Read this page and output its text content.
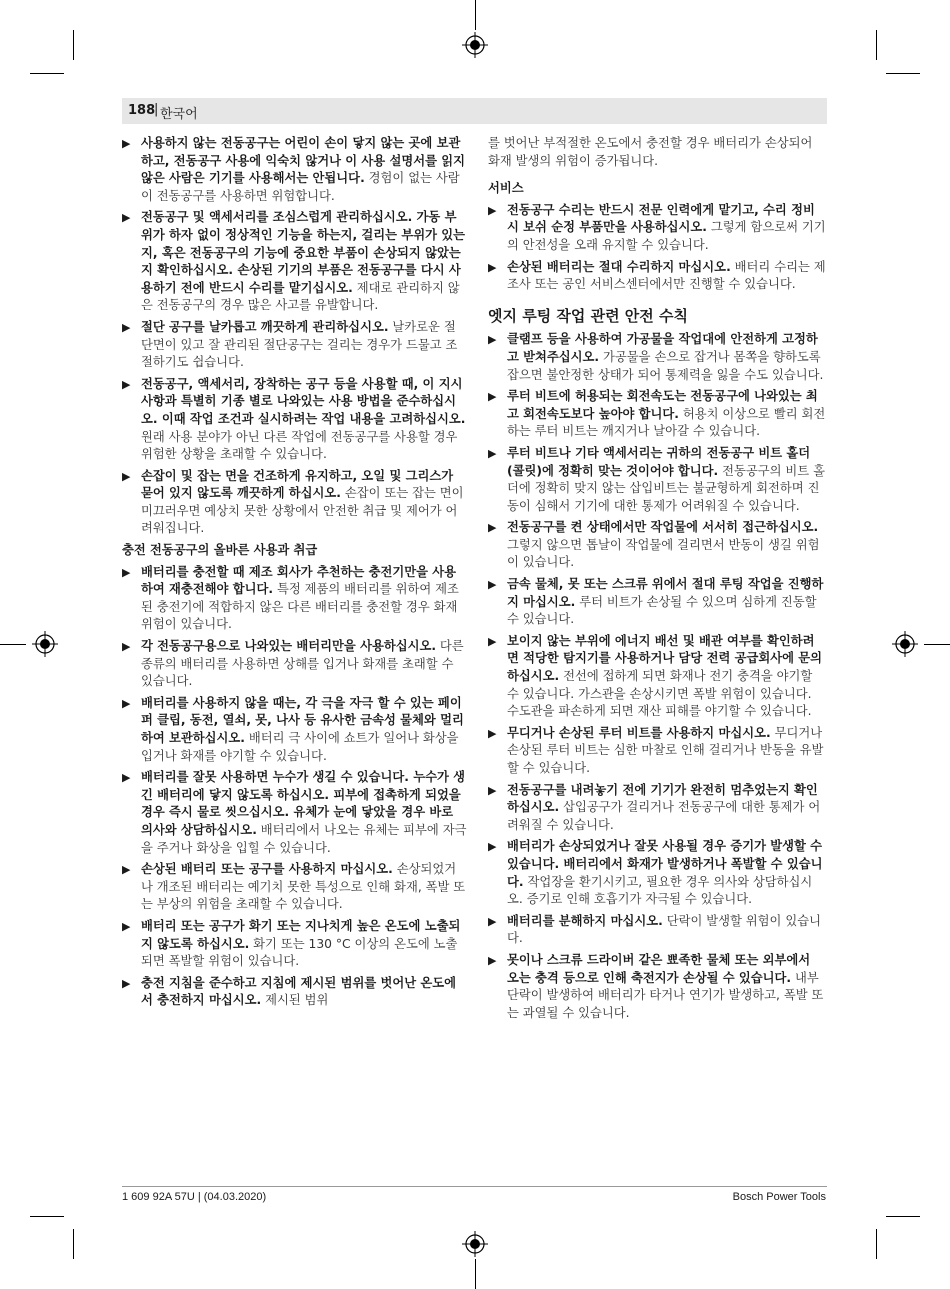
188
| 한국어
▶ 사용하지 않는 전동공구는 어린이 손이 닿지 않는 곳에 보관하고, 전동공구 사용에 익숙치 않거나 이 사용 설명서를 읽지 않은 사람은 기기를 사용해서는 안됩니다. 경험이 없는 사람이 전동공구를 사용하면 위험합니다.
▶ 전동공구 및 액세서리를 조심스럽게 관리하십시오. 가동 부위가 하자 없이 정상적인 기능을 하는지, 걸리는 부위가 있는지, 혹은 전동공구의 기능에 중요한 부품이 손상되지 않았는지 확인하십시오. 손상된 기기의 부품은 전동공구를 다시 사용하기 전에 반드시 수리를 맡기십시오. 제대로 관리하지 않은 전동공구의 경우 많은 사고를 유발합니다.
▶ 절단 공구를 날카롭고 깨끗하게 관리하십시오. 날카로운 절단면이 있고 잘 관리된 절단공구는 걸리는 경우가 드물고 조절하기도 쉽습니다.
▶ 전동공구, 액세서리, 장착하는 공구 등을 사용할 때, 이 지시 사항과 특별히 기종 별로 나와있는 사용 방법을 준수하십시오. 이때 작업 조건과 실시하려는 작업 내용을 고려하십시오. 원래 사용 분야가 아닌 다른 작업에 전동공구를 사용할 경우 위험한 상황을 초래할 수 있습니다.
▶ 손잡이 및 잡는 면을 건조하게 유지하고, 오일 및 그리스가 묻어 있지 않도록 깨끗하게 하십시오. 손잡이 또는 잡는 면이 미끄러우면 예상치 못한 상황에서 안전한 취급 및 제어가 어려워집니다.
충전 전동공구의 올바른 사용과 취급
▶ 배터리를 충전할 때 제조 회사가 추천하는 충전기만을 사용하여 재충전해야 합니다. 특정 제품의 배터리를 위하여 제조된 충전기에 적합하지 않은 다른 배터리를 충전할 경우 화재 위험이 있습니다.
▶ 각 전동공구용으로 나와있는 배터리만을 사용하십시오. 다른 종류의 배터리를 사용하면 상해를 입거나 화재를 초래할 수 있습니다.
▶ 배터리를 사용하지 않을 때는, 각 극을 자극 할 수 있는 페이퍼 클립, 동전, 열쇠, 못, 나사 등 유사한 금속성 물체와 멀리하여 보관하십시오. 배터리 극 사이에 쇼트가 일어나 화상을 입거나 화재를 야기할 수 있습니다.
▶ 배터리를 잘못 사용하면 누수가 생길 수 있습니다. 누수가 생긴 배터리에 닿지 않도록 하십시오. 피부에 접촉하게 되었을 경우 즉시 물로 씻으십시오. 유체가 눈에 닿았을 경우 바로 의사와 상담하십시오. 배터리에서 나오는 유체는 피부에 자극을 주거나 화상을 입힐 수 있습니다.
▶ 손상된 배터리 또는 공구를 사용하지 마십시오. 손상되었거나 개조된 배터리는 예기치 못한 특성으로 인해 화재, 폭발 또는 부상의 위험을 초래할 수 있습니다.
▶ 배터리 또는 공구가 화기 또는 지나치게 높은 온도에 노출되지 않도록 하십시오. 화기 또는 130 °C 이상의 온도에 노출되면 폭발할 위험이 있습니다.
▶ 충전 지침을 준수하고 지침에 제시된 범위를 벗어난 온도에서 충전하지 마십시오. 제시된 범위
를 벗어난 부적절한 온도에서 충전할 경우 배터리가 손상되어 화재 발생의 위험이 증가됩니다.
서비스
▶ 전동공구 수리는 반드시 전문 인력에게 맡기고, 수리 정비 시 보쉬 순정 부품만을 사용하십시오. 그렇게 함으로써 기기의 안전성을 오래 유지할 수 있습니다.
▶ 손상된 배터리는 절대 수리하지 마십시오. 배터리 수리는 제조사 또는 공인 서비스센터에서만 진행할 수 있습니다.
엣지 루팅 작업 관련 안전 수칙
▶ 클램프 등을 사용하여 가공물을 작업대에 안전하게 고정하고 받쳐주십시오. 가공물을 손으로 잡거나 몸쪽을 향하도록 잡으면 불안정한 상태가 되어 통제력을 잃을 수도 있습니다.
▶ 루터 비트에 허용되는 회전속도는 전동공구에 나와있는 최고 회전속도보다 높아야 합니다. 허용치 이상으로 빨리 회전하는 루터 비트는 깨지거나 날아갈 수 있습니다.
▶ 루터 비트나 기타 액세서리는 귀하의 전동공구 비트 홀더(콜릿)에 정확히 맞는 것이어야 합니다. 전동공구의 비트 홀더에 정확히 맞지 않는 삽입비트는 불균형하게 회전하며 진동이 심해서 기기에 대한 통제가 어려워질 수 있습니다.
▶ 전동공구를 켠 상태에서만 작업물에 서서히 접근하십시오. 그렇지 않으면 톱날이 작업물에 걸리면서 반동이 생길 위험이 있습니다.
▶ 금속 물체, 못 또는 스크류 위에서 절대 루팅 작업을 진행하지 마십시오. 루터 비트가 손상될 수 있으며 심하게 진동할 수 있습니다.
▶ 보이지 않는 부위에 에너지 배선 및 배관 여부를 확인하려면 적당한 탐지기를 사용하거나 담당 전력 공급회사에 문의하십시오. 전선에 접하게 되면 화재나 전기 충격을 야기할 수 있습니다. 가스관을 손상시키면 폭발 위험이 있습니다. 수도관을 파손하게 되면 재산 피해를 야기할 수 있습니다.
▶ 무디거나 손상된 루터 비트를 사용하지 마십시오. 무디거나 손상된 루터 비트는 심한 마찰로 인해 걸리거나 반동을 유발할 수 있습니다.
▶ 전동공구를 내려놓기 전에 기기가 완전히 멈추었는지 확인하십시오. 삽입공구가 걸리거나 전동공구에 대한 통제가 어려워질 수 있습니다.
▶ 배터리가 손상되었거나 잘못 사용될 경우 증기가 발생할 수 있습니다. 배터리에서 화재가 발생하거나 폭발할 수 있습니다. 작업장을 환기시키고, 필요한 경우 의사와 상담하십시오. 증기로 인해 호흡기가 자극될 수 있습니다.
▶ 배터리를 분해하지 마십시오. 단락이 발생할 위험이 있습니다.
▶ 못이나 스크류 드라이버 같은 뾰족한 물체 또는 외부에서 오는 충격 등으로 인해 축전지가 손상될 수 있습니다. 내부 단락이 발생하여 배터리가 타거나 연기가 발생하고, 폭발 또는 과열될 수 있습니다.
1 609 92A 57U | (04.03.2020)	Bosch Power Tools
